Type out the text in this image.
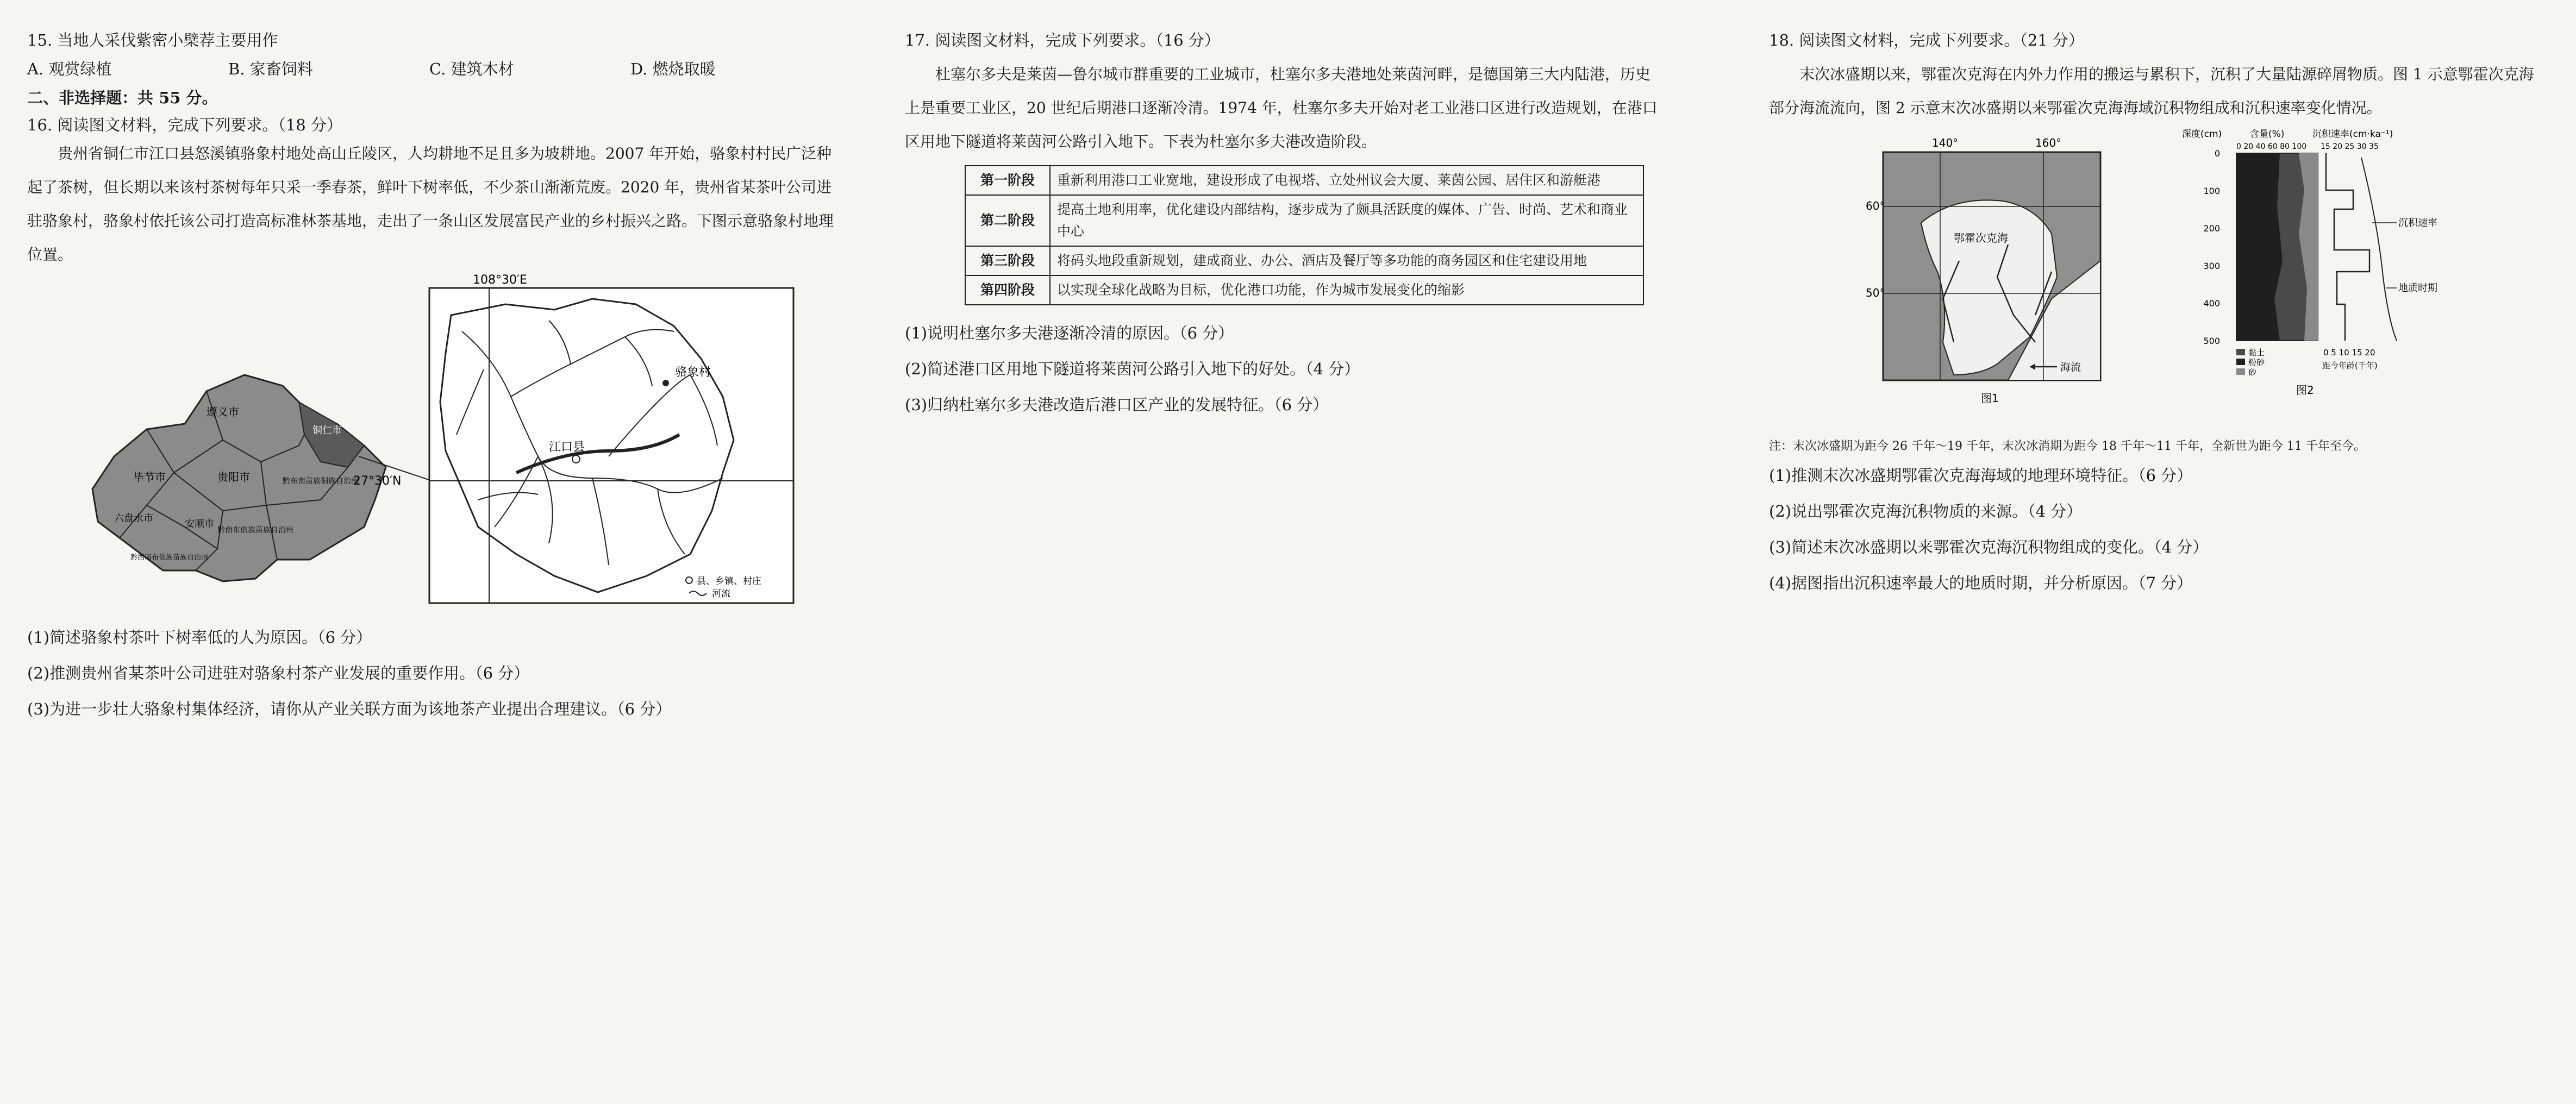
15. 当地人采伐紫密小檗荐主要用作
A. 观赏绿植	B. 家畜饲料	C. 建筑木材	D. 燃烧取暖
二、非选择题：共 55 分。
16. 阅读图文材料，完成下列要求。（18 分）

贵州省铜仁市江口县怒溪镇骆象村地处高山丘陵区，人均耕地不足且多为坡耕地。2007 年开始，骆象村村民广泛种起了茶树，但长期以来该村茶树每年只采一季春茶，鲜叶下树率低，不少茶山渐渐荒废。2020 年，贵州省某茶叶公司进驻骆象村，骆象村依托该公司打造高标准林茶基地，走出了一条山区发展富民产业的乡村振兴之路。下图示意骆象村地理位置。

遵义市
铜仁市
毕节市	贵阳市
安顺市
黔南布依族苗族自治州
黔东南苗族侗族自治州
六盘水市
黔西南布依族苗族自治州
108°30′E
27°30′N
骆象村
江口县
县、乡镇、村庄
河流
(1)简述骆象村茶叶下树率低的人为原因。（6 分）
(2)推测贵州省某茶叶公司进驻对骆象村茶产业发展的重要作用。（6 分）
(3)为进一步壮大骆象村集体经济，请你从产业关联方面为该地茶产业提出合理建议。（6 分）
17. 阅读图文材料，完成下列要求。（16 分）

杜塞尔多夫是莱茵—鲁尔城市群重要的工业城市，杜塞尔多夫港地处莱茵河畔，是德国第三大内陆港，历史上是重要工业区，20 世纪后期港口逐渐冷清。1974 年，杜塞尔多夫开始对老工业港口区进行改造规划，在港口区用地下隧道将莱茵河公路引入地下。下表为杜塞尔多夫港改造阶段。

第一阶段	重新利用港口工业宽地，建设形成了电视塔、立处州议会大厦、莱茵公园、居住区和游艇港
第二阶段	提高土地利用率，优化建设内部结构，逐步成为了颇具活跃度的媒体、广告、时尚、艺术和商业中心
第三阶段	将码头地段重新规划，建成商业、办公、酒店及餐厅等多功能的商务园区和住宅建设用地
第四阶段	以实现全球化战略为目标，优化港口功能，作为城市发展变化的缩影
(1)说明杜塞尔多夫港逐渐冷清的原因。（6 分）
(2)简述港口区用地下隧道将莱茵河公路引入地下的好处。（4 分）
(3)归纳杜塞尔多夫港改造后港口区产业的发展特征。（6 分）
18. 阅读图文材料，完成下列要求。（21 分）

末次冰盛期以来，鄂霍次克海在内外力作用的搬运与累积下，沉积了大量陆源碎屑物质。图 1 示意鄂霍次克海部分海流流向，图 2 示意末次冰盛期以来鄂霍次克海海域沉积物组成和沉积速率变化情况。

140°	160°
60°
50°
鄂霍次克海
海流
图1
深度(cm)	含量(%)	沉积速率(cm·ka⁻¹)
0 20 40 60 80 100 15 20 25 30 35
0
100
200
300
400
500
沉积速率
地质时期
黏土
粉砂
砂
0 5 10 15 20
距今年龄(千年)
图2
注：末次冰盛期为距今 26 千年～19 千年，末次冰消期为距今 18 千年～11 千年，全新世为距今 11 千年至今。
(1)推测末次冰盛期鄂霍次克海海域的地理环境特征。（6 分）
(2)说出鄂霍次克海沉积物质的来源。（4 分）
(3)简述末次冰盛期以来鄂霍次克海沉积物组成的变化。（4 分）
(4)据图指出沉积速率最大的地质时期，并分析原因。（7 分）
